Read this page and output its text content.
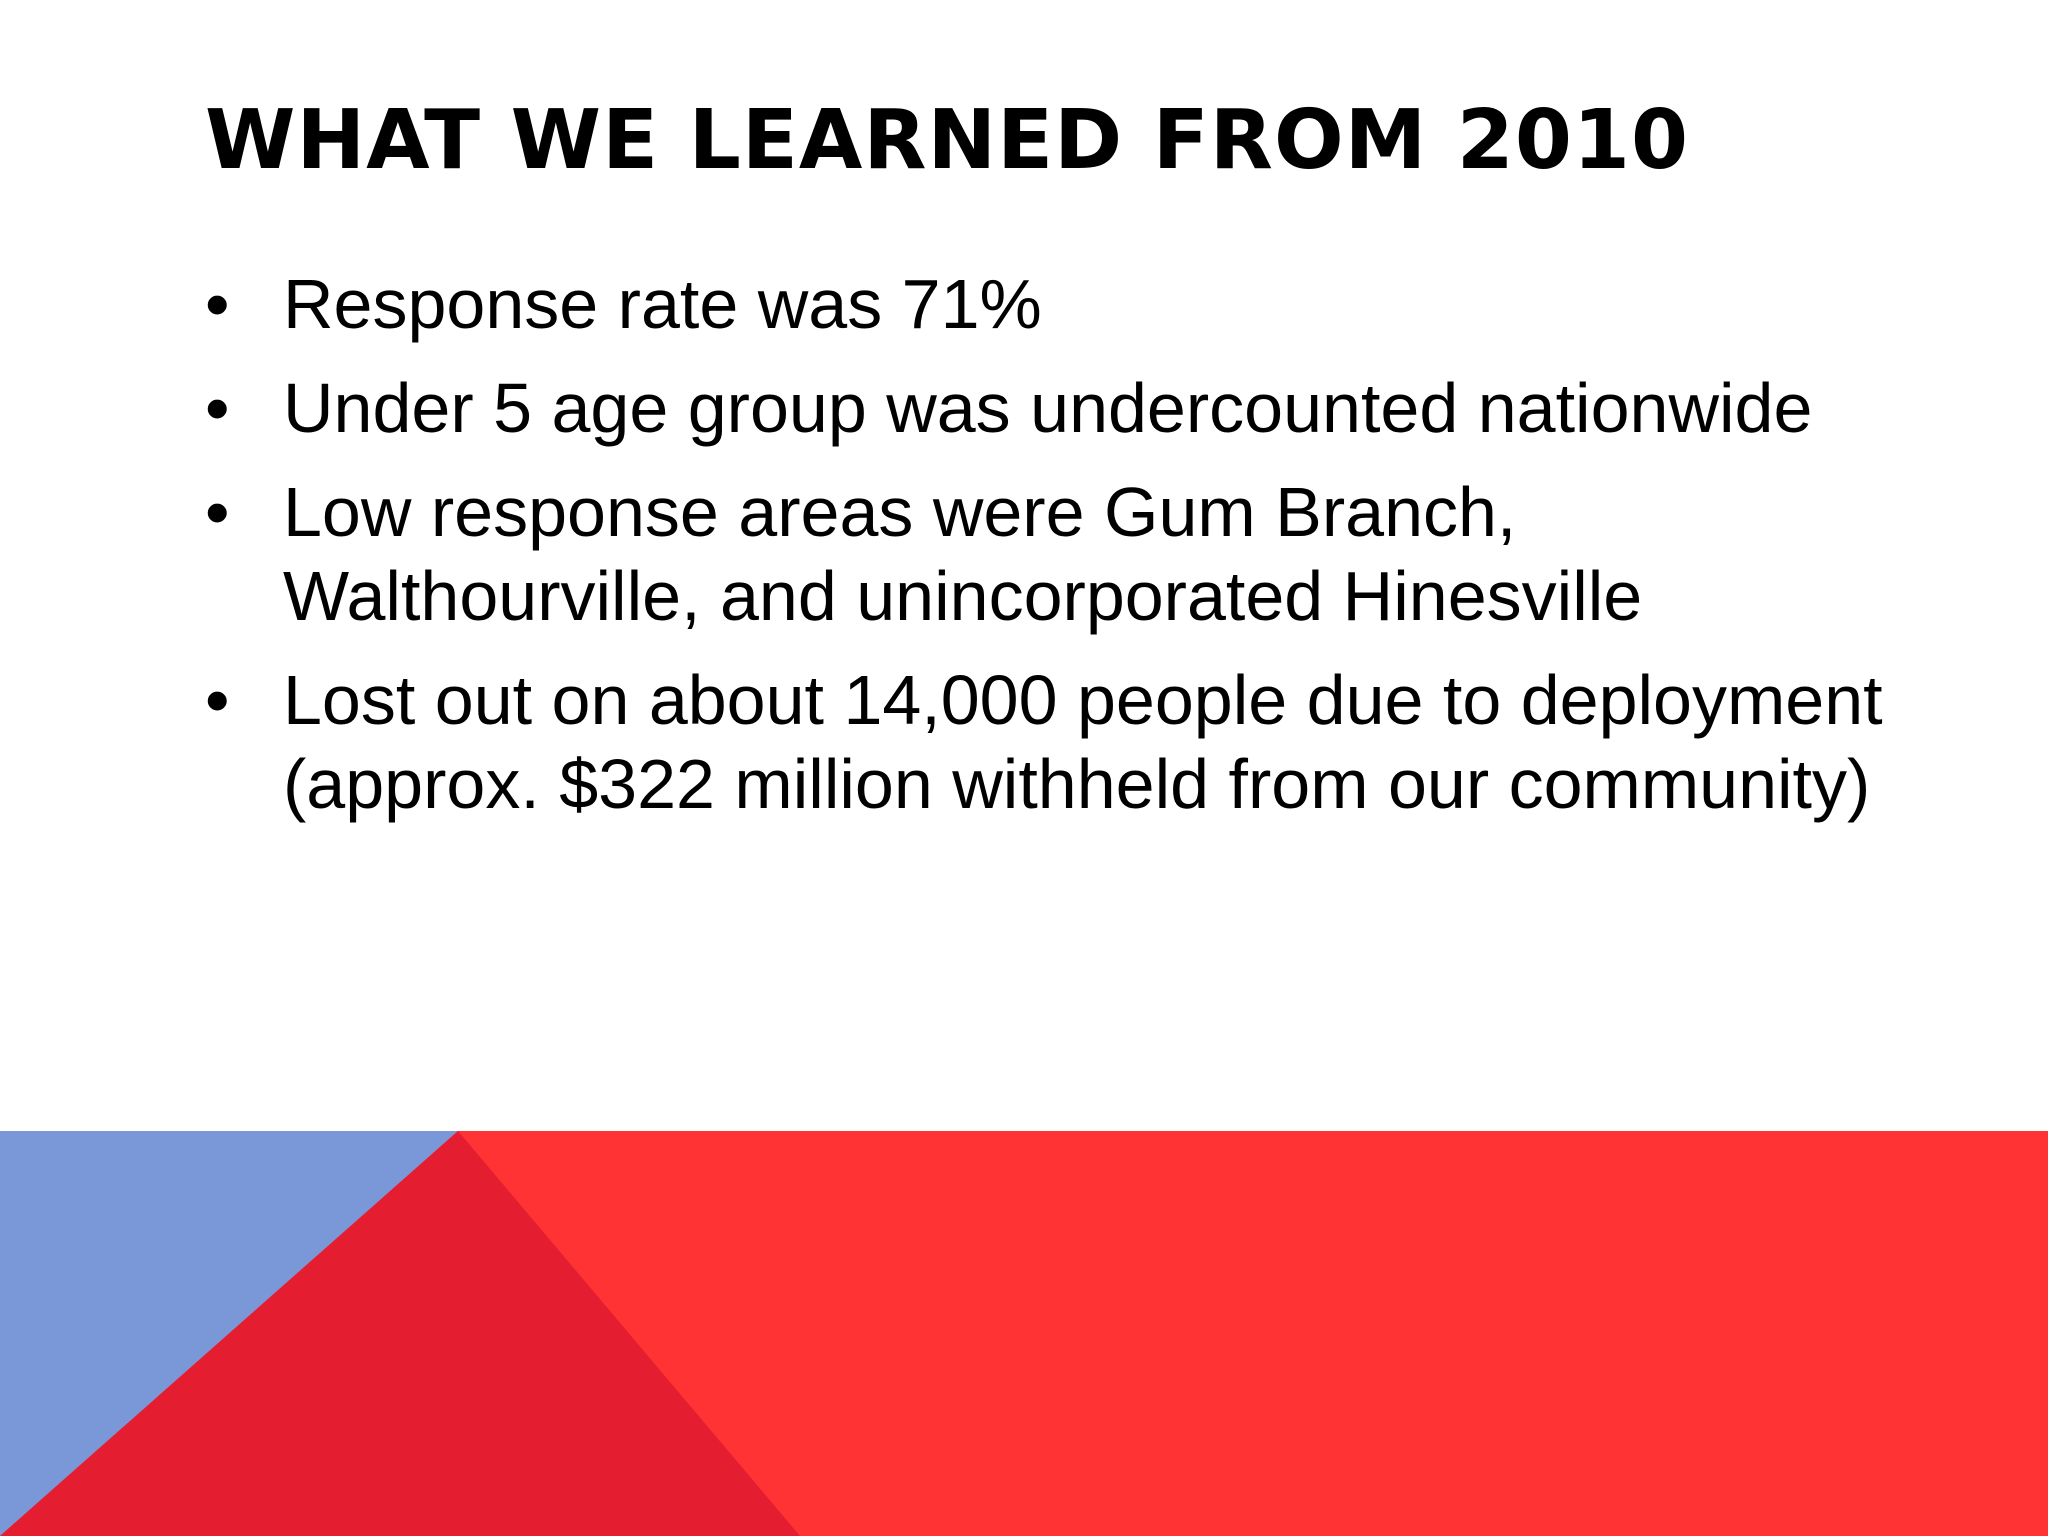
WHAT WE LEARNED FROM 2010
• Response rate was 71%
• Under 5 age group was undercounted nationwide
• Low response areas were Gum Branch,
Walthourville, and unincorporated Hinesville
• Lost out on about 14,000 people due to deployment
(approx. $322 million withheld from our community)
